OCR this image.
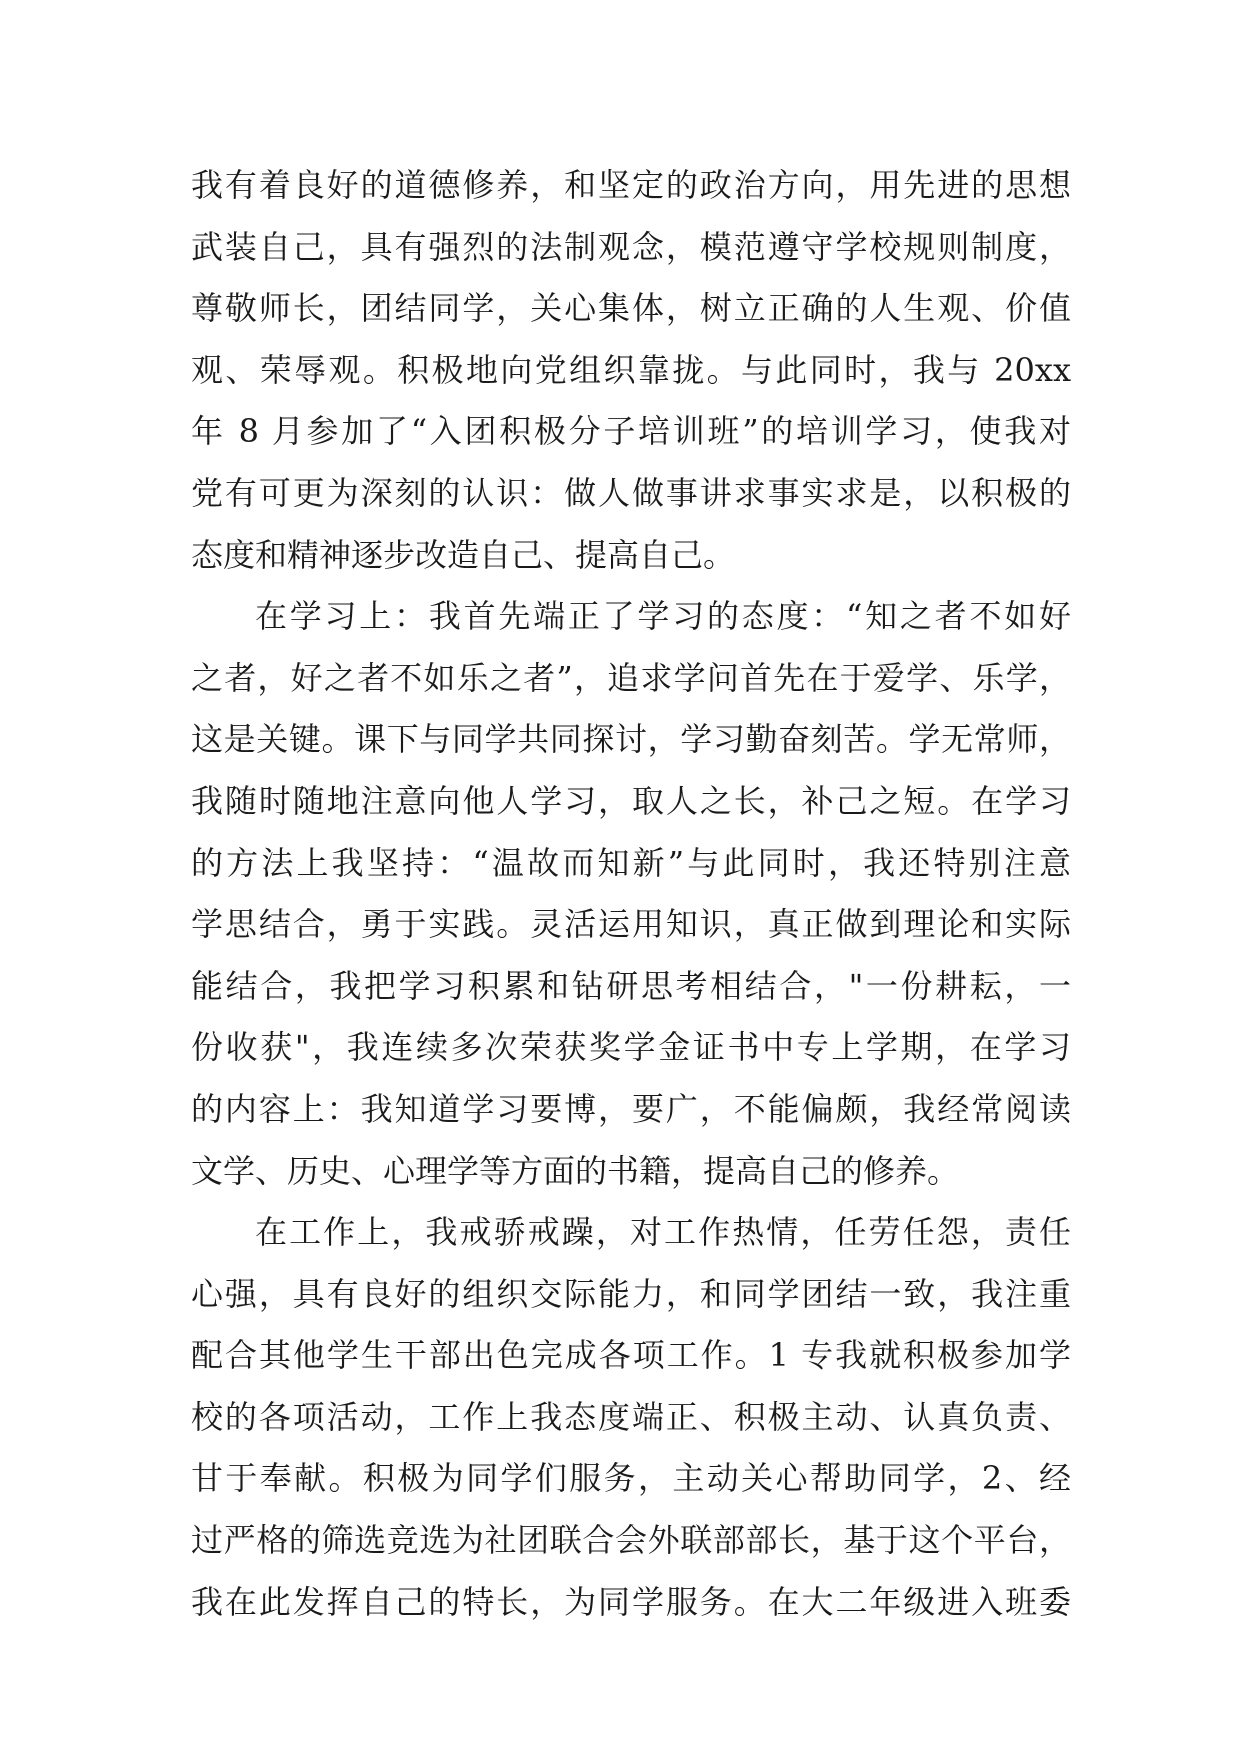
我有着良好的道德修养，和坚定的政治方向，用先进的思想
武装自己，具有强烈的法制观念，模范遵守学校规则制度，
尊敬师长，团结同学，关心集体，树立正确的人生观、价值
观、荣辱观。积极地向党组织靠拢。与此同时，我与 20xx
年 8 月参加了“入团积极分子培训班”的培训学习，使我对
党有可更为深刻的认识：做人做事讲求事实求是，以积极的
态度和精神逐步改造自己、提高自己。
在学习上：我首先端正了学习的态度：“知之者不如好
之者，好之者不如乐之者”，追求学问首先在于爱学、乐学，
这是关键。课下与同学共同探讨，学习勤奋刻苦。学无常师，
我随时随地注意向他人学习，取人之长，补己之短。在学习
的方法上我坚持：“温故而知新”与此同时，我还特别注意
学思结合，勇于实践。灵活运用知识，真正做到理论和实际
能结合，我把学习积累和钻研思考相结合，"一份耕耘，一
份收获"，我连续多次荣获奖学金证书中专上学期，在学习
的内容上：我知道学习要博，要广，不能偏颇，我经常阅读
文学、历史、心理学等方面的书籍，提高自己的修养。
在工作上，我戒骄戒躁，对工作热情，任劳任怨，责任
心强，具有良好的组织交际能力，和同学团结一致，我注重
配合其他学生干部出色完成各项工作。1 专我就积极参加学
校的各项活动，工作上我态度端正、积极主动、认真负责、
甘于奉献。积极为同学们服务，主动关心帮助同学，2、经
过严格的筛选竞选为社团联合会外联部部长，基于这个平台，
我在此发挥自己的特长，为同学服务。在大二年级进入班委
